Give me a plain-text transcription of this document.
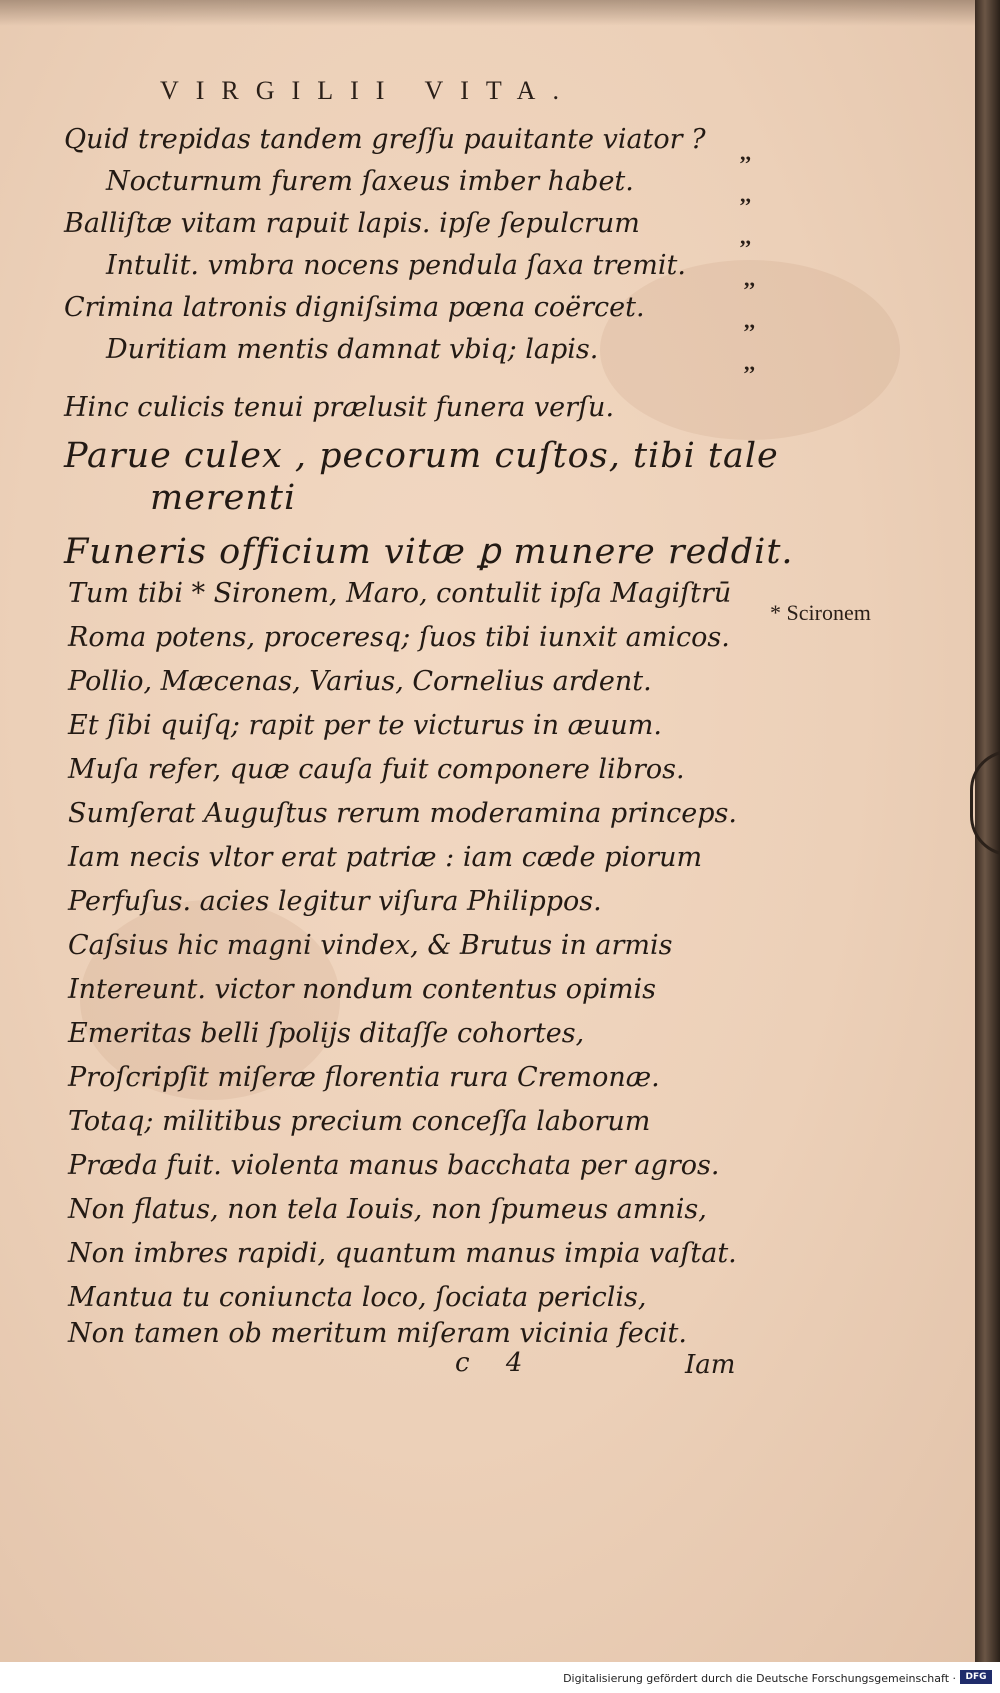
VIRGILII VITA.
Quid trepidas tandem greſſu pauitante viator ?
Nocturnum furem ſaxeus imber habet.
Balliſtæ vitam rapuit lapis. ipſe ſepulcrum
Intulit. vmbra nocens pendula ſaxa tremit.
Crimina latronis digniſsima pœna coërcet.
Duritiam mentis damnat vbiq; lapis.
,,
,,
,,
,,
,,
,,
Hinc culicis tenui prælusit funera verſu.
Parue culex , pecorum cuſtos, tibi tale
merenti
Funeris officium vitæ ꝑ munere reddit.
Tum tibi * Sironem, Maro, contulit ipſa Magiſtrū
Roma potens, proceresq; ſuos tibi iunxit amicos.
Pollio, Mæcenas, Varius, Cornelius ardent.
Et ſibi quiſq; rapit per te victurus in æuum.
Muſa refer, quæ cauſa fuit componere libros.
Sumſerat Auguſtus rerum moderamina princeps.
Iam necis vltor erat patriæ : iam cæde piorum
Perfuſus. acies legitur viſura Philippos.
Caſsius hic magni vindex, & Brutus in armis
Intereunt. victor nondum contentus opimis
Emeritas belli ſpolijs ditaſſe cohortes,
Proſcripſit miſeræ florentia rura Cremonæ.
Totaq; militibus precium conceſſa laborum
Præda fuit. violenta manus bacchata per agros.
Non flatus, non tela Iouis, non ſpumeus amnis,
Non imbres rapidi, quantum manus impia vaſtat.
Mantua tu coniuncta loco, ſociata periclis,
Non tamen ob meritum miſeram vicinia fecit.
* Scironem
c 4	Iam
Digitalisierung gefördert durch die Deutsche Forschungsgemeinschaft ·	DFG
